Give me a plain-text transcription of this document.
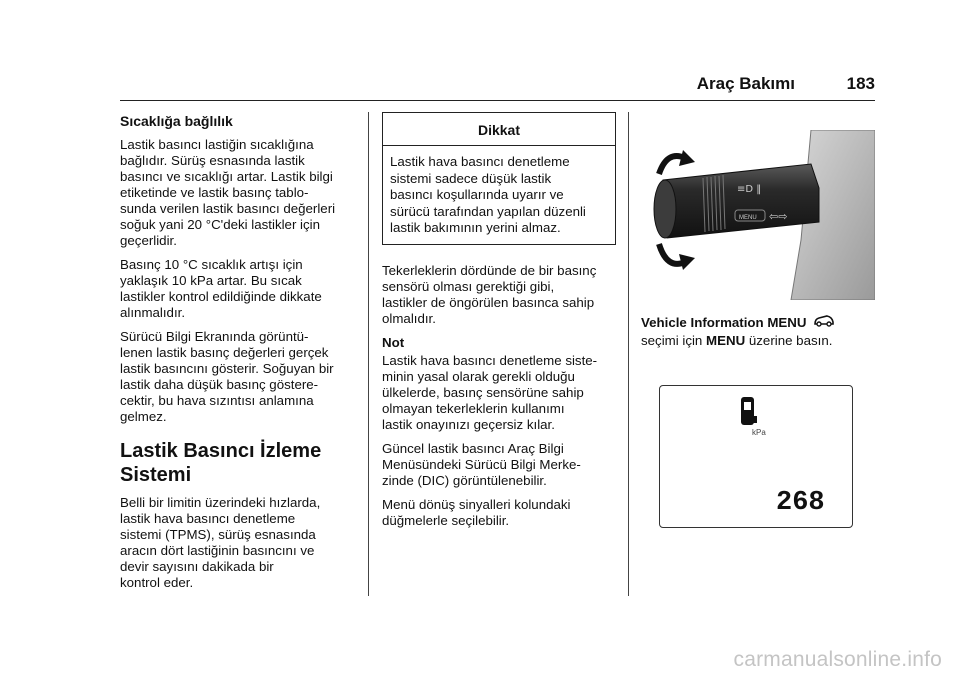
Araç Bakımı	183
Sıcaklığa bağlılık

Lastik basıncı lastiğin sıcaklığına
bağlıdır. Sürüş esnasında lastik
basıncı ve sıcaklığı artar. Lastik bilgi
etiketinde ve lastik basınç tablo-
sunda verilen lastik basıncı değerleri
soğuk yani 20 °C'deki lastikler için
geçerlidir.

Basınç 10 °C sıcaklık artışı için
yaklaşık 10 kPa artar. Bu sıcak
lastikler kontrol edildiğinde dikkate
alınmalıdır.

Sürücü Bilgi Ekranında görüntü-
lenen lastik basınç değerleri gerçek
lastik basıncını gösterir. Soğuyan bir
lastik daha düşük basınç göstere-
cektir, bu hava sızıntısı anlamına
gelmez.

Lastik Basıncı İzleme
Sistemi

Belli bir limitin üzerindeki hızlarda,
lastik hava basıncı denetleme
sistemi (TPMS), sürüş esnasında
aracın dört lastiğinin basıncını ve
devir sayısını dakikada bir
kontrol eder.

Dikkat
Lastik hava basıncı denetleme
sistemi sadece düşük lastik
basıncı koşullarında uyarır ve
sürücü tarafından yapılan düzenli
lastik bakımının yerini almaz.

Tekerleklerin dördünde de bir basınç
sensörü olması gerektiği gibi,
lastikler de öngörülen basınca sahip
olmalıdır.

Not

Lastik hava basıncı denetleme siste-
minin yasal olarak gerekli olduğu
ülkelerde, basınç sensörüne sahip
olmayan tekerleklerin kullanımı
lastik onayınızı geçersiz kılar.

Güncel lastik basıncı Araç Bilgi
Menüsündeki Sürücü Bilgi Merke-
zinde (DIC) görüntülenebilir.

Menü dönüş sinyalleri kolundaki
düğmelerle seçilebilir.

MENU ⇦⇨
≡D ‖
Vehicle Information MENU
seçimi için MENU üzerine basın.
kPa
268
carmanualsonline.info
